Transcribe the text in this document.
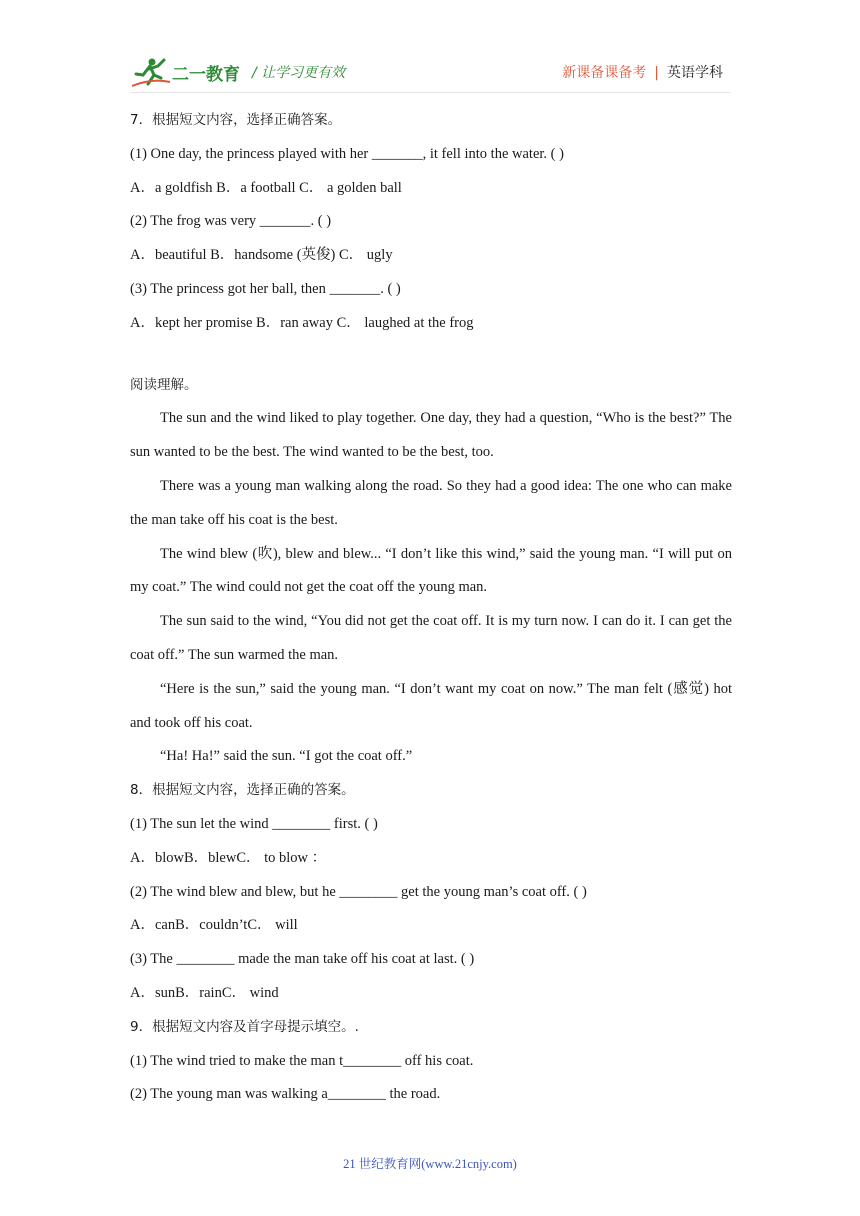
二一教育 / 让学习更有效	新课备课备考 | 英语学科
7．根据短文内容，选择正确答案。
(1) One day, the princess played with her _______, it fell into the water. ( )
A．a goldfish B．a football C． a golden ball
(2) The frog was very _______. ( )
A．beautiful B．handsome (英俊) C． ugly
(3) The princess got her ball, then _______. ( )
A．kept her promise B．ran away C． laughed at the frog
阅读理解。

The sun and the wind liked to play together. One day, they had a question, “Who is the best?” The sun wanted to be the best. The wind wanted to be the best, too.

There was a young man walking along the road. So they had a good idea: The one who can make the man take off his coat is the best.

The wind blew (吹), blew and blew... “I don’t like this wind,” said the young man. “I will put on my coat.” The wind could not get the coat off the young man.

The sun said to the wind, “You did not get the coat off. It is my turn now. I can do it. I can get the coat off.” The sun warmed the man.

“Here is the sun,” said the young man. “I don’t want my coat on now.” The man felt (感觉) hot and took off his coat.

“Ha! Ha!” said the sun. “I got the coat off.”

8．根据短文内容，选择正确的答案。
(1) The sun let the wind ________ first. ( )
A．blowB．blewC． to blow ：
(2) The wind blew and blew, but he ________ get the young man’s coat off. ( )
A．canB．couldn’tC． will
(3) The ________ made the man take off his coat at last. ( )
A．sunB．rainC． wind
9．根据短文内容及首字母提示填空。.
(1) The wind tried to make the man t________ off his coat.
(2) The young man was walking a________ the road.
21 世纪教育网(www.21cnjy.com)
